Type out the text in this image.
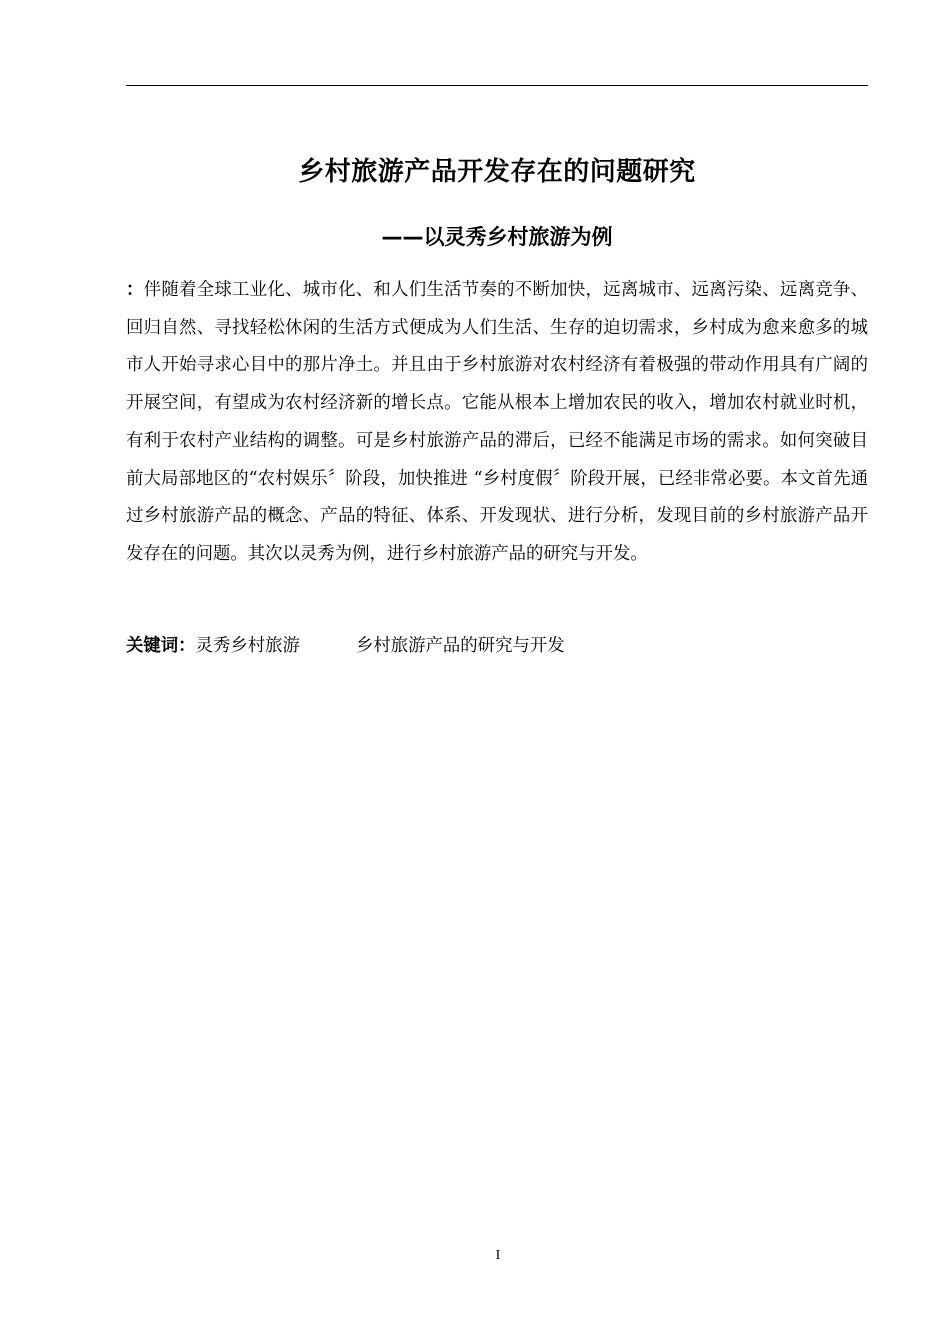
乡村旅游产品开发存在的问题研究
——以灵秀乡村旅游为例

：伴随着全球工业化、城市化、和人们生活节奏的不断加快，远离城市、远离污染、远离竞争、回归自然、寻找轻松休闲的生活方式便成为人们生活、生存的迫切需求，乡村成为愈来愈多的城市人开始寻求心目中的那片净土。并且由于乡村旅游对农村经济有着极强的带动作用具有广阔的开展空间，有望成为农村经济新的增长点。它能从根本上增加农民的收入，增加农村就业时机，有利于农村产业结构的调整。可是乡村旅游产品的滞后，已经不能满足市场的需求。如何突破目前大局部地区的“农村娱乐〞阶段，加快推进 “乡村度假〞阶段开展，已经非常必要。本文首先通过乡村旅游产品的概念、产品的特征、体系、开发现状、进行分析，发现目前的乡村旅游产品开发存在的问题。其次以灵秀为例，进行乡村旅游产品的研究与开发。

关键词：灵秀乡村旅游	乡村旅游产品的研究与开发
I
